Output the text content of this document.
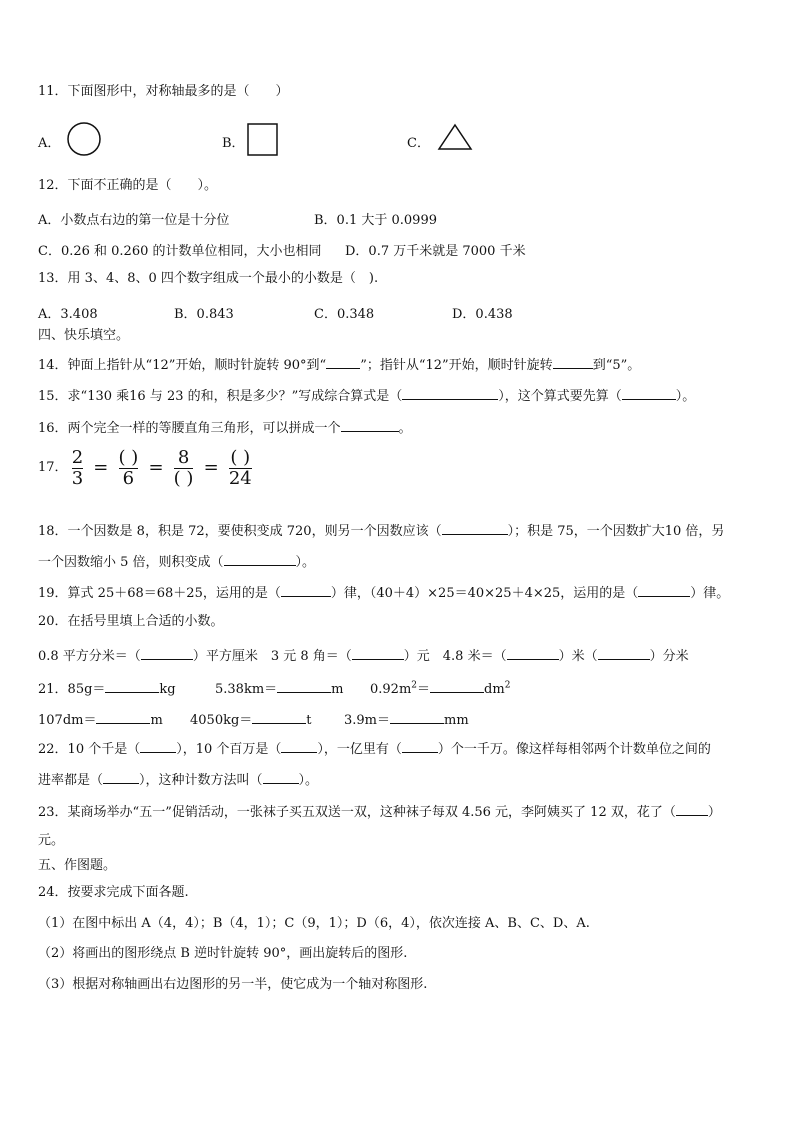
11．下面图形中，对称轴最多的是（　　）
A．	B．	C．
12．下面不正确的是（　　）。
A．小数点右边的第一位是十分位	B．0.1 大于 0.0999
C．0.26 和 0.260 的计数单位相同，大小也相同 D．0.7 万千米就是 7000 千米
13．用 3、4、8、0 四个数字组成一个最小的小数是（　).
A．3.408	B．0.843	C．0.348	D．0.438
四、快乐填空。
14．钟面上指针从“12”开始，顺时针旋转 90°到“	”；指针从“12”开始，顺时针旋转	到“5”。
15．求“130 乘16 与 23 的和，积是多少？”写成综合算式是（	），这个算式要先算（	）。
16．两个完全一样的等腰直角三角形，可以拼成一个	。
17． $\frac{2}{3} = \frac{( )}{6} = \frac{8}{( )} = \frac{( )}{24}$
18．一个因数是 8，积是 72，要使积变成 720，则另一个因数应该（	）；积是 75，一个因数扩大10 倍，另
一个因数缩小 5 倍，则积变成（	）。
19．算式 25＋68＝68＋25，运用的是（	）律，（40＋4）×25＝40×25＋4×25，运用的是（	）律。
20．在括号里填上合适的小数。
0.8 平方分米＝（	）平方厘米　3 元 8 角＝（	）元　4.8 米＝（	）米（	）分米
21．85g＝	kg	5.38km＝	m $0.92m^2=$	$dm^2$
107dm＝	m 4050kg＝	t 3.9m＝	mm
22．10 个千是（	），10 个百万是（	），一亿里有（	）个一千万。像这样每相邻两个计数单位之间的
进率都是（	），这种计数方法叫（	）。
23．某商场举办“五一”促销活动，一张袜子买五双送一双，这种袜子每双 4.56 元，李阿姨买了 12 双，花了（ ）
元。
五、作图题。
24．按要求完成下面各题.
（1）在图中标出 A（4，4）；B（4，1）；C（9，1）；D（6，4），依次连接 A、B、C、D、A.
（2）将画出的图形绕点 B 逆时针旋转 90°，画出旋转后的图形.
（3）根据对称轴画出右边图形的另一半，使它成为一个轴对称图形.
